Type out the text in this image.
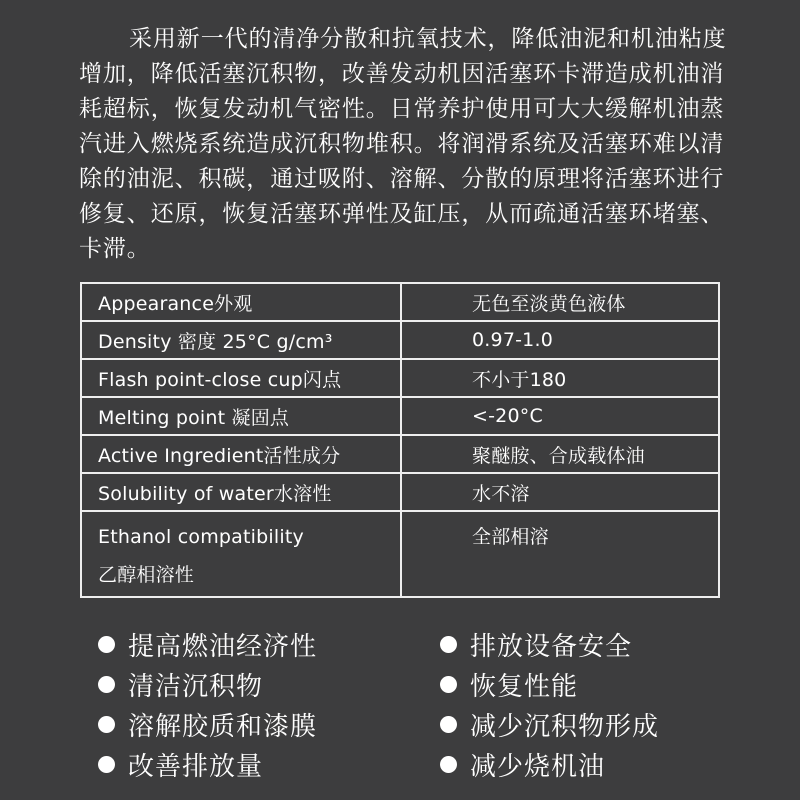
采用新一代的清净分散和抗氧技术，降低油泥和机油粘度增加，降低活塞沉积物，改善发动机因活塞环卡滞造成机油消耗超标，恢复发动机气密性。日常养护使用可大大缓解机油蒸汽进入燃烧系统造成沉积物堆积。将润滑系统及活塞环难以清除的油泥、积碳，通过吸附、溶解、分散的原理将活塞环进行修复、还原，恢复活塞环弹性及缸压，从而疏通活塞环堵塞、卡滞。

Appearance外观	无色至淡黄色液体
Density 密度 25°C g/cm³	0.97-1.0
Flash point-close cup闪点	不小于180
Melting point 凝固点	<-20°C
Active Ingredient活性成分	聚醚胺、合成载体油
Solubility of water水溶性	水不溶

Ethanol compatibility
乙醇相溶性	全部相溶
提高燃油经济性	排放设备安全
清洁沉积物	恢复性能
溶解胶质和漆膜	减少沉积物形成
改善排放量	减少烧机油
